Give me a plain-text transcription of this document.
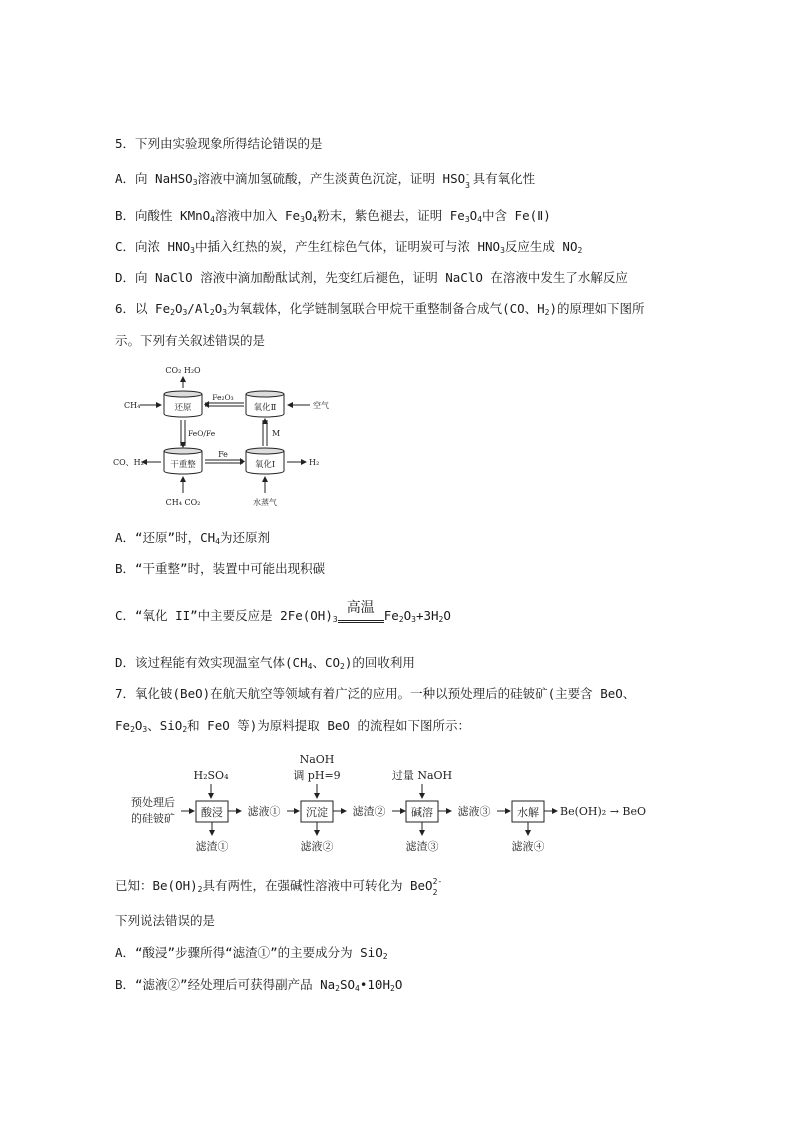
5．下列由实验现象所得结论错误的是
A．向 NaHSO$_3$溶液中滴加氢硫酸，产生淡黄色沉淀，证明 HSO -
3 具有氧化性
B．向酸性 KMnO$_4$溶液中加入 $Fe_3O_4$粉末，紫色褪去，证明 $Fe_3O_4$中含 Fe(Ⅱ)
C．向浓 $HNO_3$中插入红热的炭，产生红棕色气体，证明炭可与浓 $HNO_3$反应生成 $NO_2$
D．向 NaClO 溶液中滴加酚酞试剂，先变红后褪色，证明 NaClO 在溶液中发生了水解反应
6．以 $Fe_2O_3/Al_2O_3$为氧载体，化学链制氢联合甲烷干重整制备合成气(CO、$H_2$)的原理如下图所
示。下列有关叙述错误的是
还原	氧化Ⅱ
干重整	氧化Ⅰ
CO₂ H₂O
CH₄	空气
Fe₂O₃
FeO/Fe	M
Fe
CO、H₂	H₂
CH₄ CO₂	水蒸气
A．“还原”时，$CH_4$为还原剂
B．“干重整”时，装置中可能出现积碳
C．“氧化 II”中主要反应是 $2Fe(OH)_3$
高温 $Fe_2O_3+3H_2O$
D．该过程能有效实现温室气体($CH_4$、$CO_2$)的回收利用
7．氧化铍(BeO)在航天航空等领域有着广泛的应用。一种以预处理后的硅铍矿(主要含 BeO、
$Fe_2O_3$、SiO$_2$和 FeO 等)为原料提取 BeO 的流程如下图所示：
预处理后
的硅铍矿
H₂SO₄
酸浸
滤渣①
滤液①
NaOH
调 pH=9
沉淀
滤液②
滤渣②
过量 NaOH
碱溶
滤渣③
滤液③ 水解
滤液④
Be(OH)₂ → BeO
已知：$Be(OH)_2$具有两性，在强碱性溶液中可转化为 BeO 2-
2
下列说法错误的是
A．“酸浸”步骤所得“滤渣①”的主要成分为 SiO$_2$
B．“滤液②”经处理后可获得副产品 $Na_2SO_4•10H_2O$
